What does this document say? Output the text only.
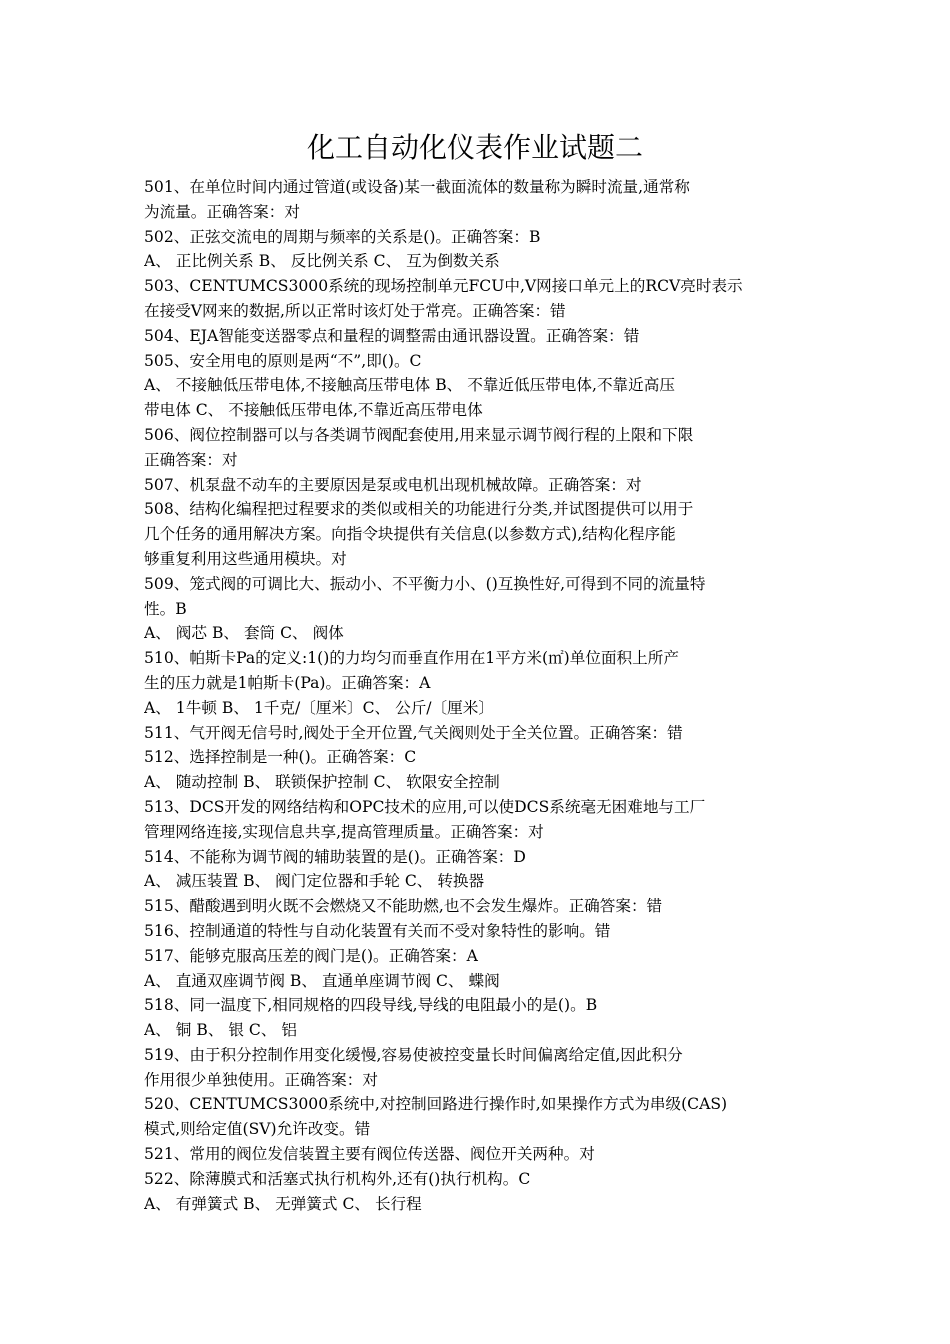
化工自动化仪表作业试题二
501、在单位时间内通过管道(或设备)某一截面流体的数量称为瞬时流量,通常称
为流量。正确答案：对
502、正弦交流电的周期与频率的关系是()。正确答案：B
A、 正比例关系 B、 反比例关系 C、 互为倒数关系
503、CENTUMCS3000系统的现场控制单元FCU中,V网接口单元上的RCV亮时表示
在接受V网来的数据,所以正常时该灯处于常亮。正确答案：错
504、EJA智能变送器零点和量程的调整需由通讯器设置。正确答案：错
505、安全用电的原则是两“不”,即()。C
A、 不接触低压带电体,不接触高压带电体 B、 不靠近低压带电体,不靠近高压
带电体 C、 不接触低压带电体,不靠近高压带电体
506、阀位控制器可以与各类调节阀配套使用,用来显示调节阀行程的上限和下限
正确答案：对
507、机泵盘不动车的主要原因是泵或电机出现机械故障。正确答案：对
508、结构化编程把过程要求的类似或相关的功能进行分类,并试图提供可以用于
几个任务的通用解决方案。向指令块提供有关信息(以参数方式),结构化程序能
够重复利用这些通用模块。对
509、笼式阀的可调比大、振动小、不平衡力小、()互换性好,可得到不同的流量特
性。B
A、 阀芯 B、 套筒 C、 阀体
510、帕斯卡Pa的定义:1()的力均匀而垂直作用在1平方米(㎡)单位面积上所产
生的压力就是1帕斯卡(Pa)。正确答案：A
A、 1牛顿 B、 1千克/〔厘米〕C、 公斤/〔厘米〕
511、气开阀无信号时,阀处于全开位置,气关阀则处于全关位置。正确答案：错
512、选择控制是一种()。正确答案：C
A、 随动控制 B、 联锁保护控制 C、 软限安全控制
513、DCS开发的网络结构和OPC技术的应用,可以使DCS系统毫无困难地与工厂
管理网络连接,实现信息共享,提高管理质量。正确答案：对
514、不能称为调节阀的辅助装置的是()。正确答案：D
A、 减压装置 B、 阀门定位器和手轮 C、 转换器
515、醋酸遇到明火既不会燃烧又不能助燃,也不会发生爆炸。正确答案：错
516、控制通道的特性与自动化装置有关而不受对象特性的影响。错
517、能够克服高压差的阀门是()。正确答案：A
A、 直通双座调节阀 B、 直通单座调节阀 C、 蝶阀
518、同一温度下,相同规格的四段导线,导线的电阻最小的是()。B
A、 铜 B、 银 C、 铝
519、由于积分控制作用变化缓慢,容易使被控变量长时间偏离给定值,因此积分
作用很少单独使用。正确答案：对
520、CENTUMCS3000系统中,对控制回路进行操作时,如果操作方式为串级(CAS)
模式,则给定值(SV)允许改变。错
521、常用的阀位发信装置主要有阀位传送器、阀位开关两种。对
522、除薄膜式和活塞式执行机构外,还有()执行机构。C
A、 有弹簧式 B、 无弹簧式 C、 长行程
